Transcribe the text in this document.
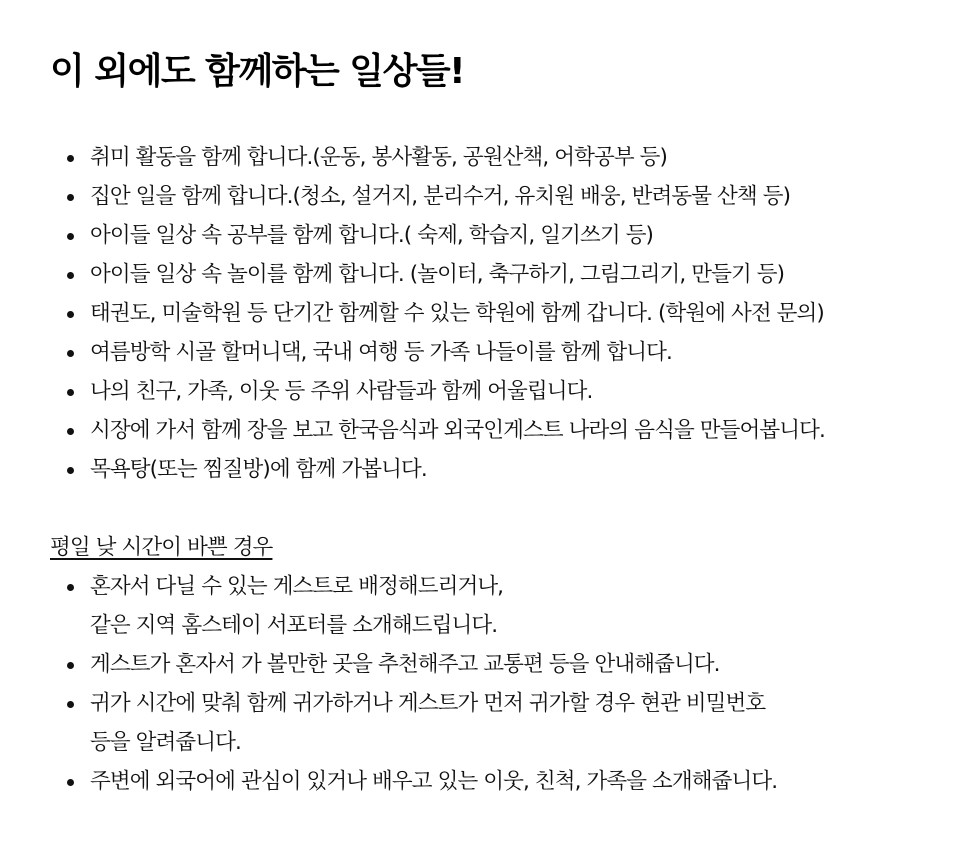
이 외에도 함께하는 일상들!
취미 활동을 함께 합니다.(운동, 봉사활동, 공원산책, 어학공부 등)
집안 일을 함께 합니다.(청소, 설거지, 분리수거, 유치원 배웅, 반려동물 산책 등)
아이들 일상 속 공부를 함께 합니다.( 숙제, 학습지, 일기쓰기 등)
아이들 일상 속 놀이를 함께 합니다. (놀이터, 축구하기, 그림그리기, 만들기 등)
태권도, 미술학원 등 단기간 함께할 수 있는 학원에 함께 갑니다. (학원에 사전 문의)
여름방학 시골 할머니댁, 국내 여행 등 가족 나들이를 함께 합니다.
나의 친구, 가족, 이웃 등 주위 사람들과 함께 어울립니다.
시장에 가서 함께 장을 보고 한국음식과 외국인게스트 나라의 음식을 만들어봅니다.
목욕탕(또는 찜질방)에 함께 가봅니다.
평일 낮 시간이 바쁜 경우
혼자서 다닐 수 있는 게스트로 배정해드리거나,
같은 지역 홈스테이 서포터를 소개해드립니다.
게스트가 혼자서 가 볼만한 곳을 추천해주고 교통편 등을 안내해줍니다.
귀가 시간에 맞춰 함께 귀가하거나 게스트가 먼저 귀가할 경우 현관 비밀번호
등을 알려줍니다.
주변에 외국어에 관심이 있거나 배우고 있는 이웃, 친척, 가족을 소개해줍니다.
